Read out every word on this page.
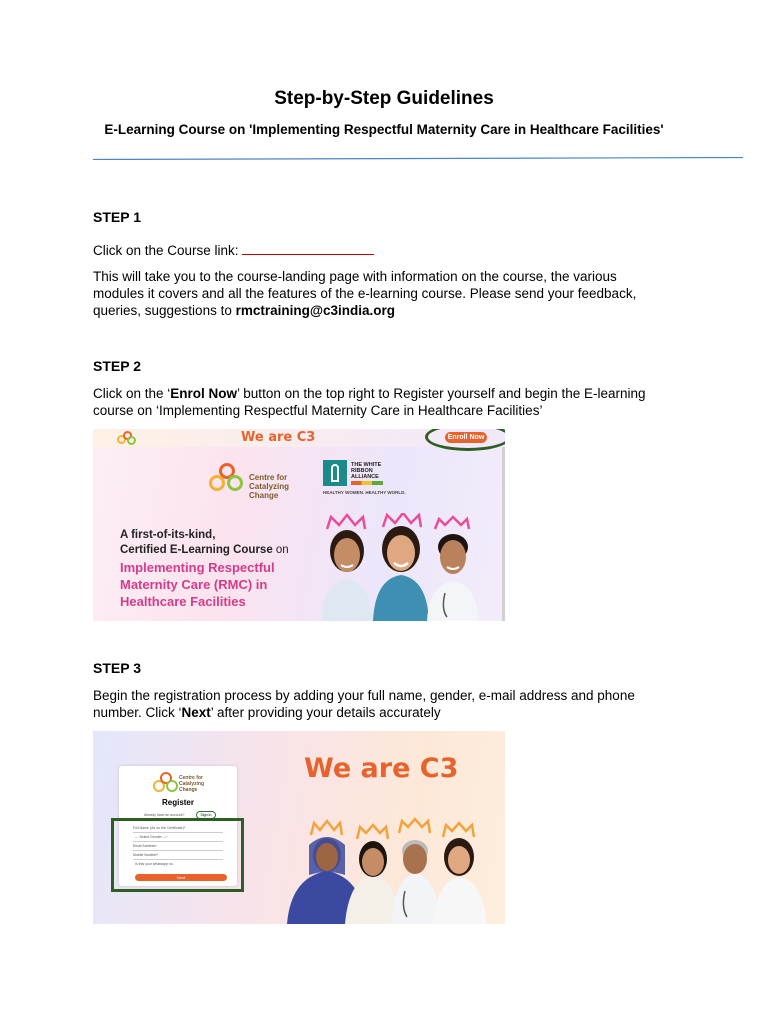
Step-by-Step Guidelines
E-Learning Course on 'Implementing Respectful Maternity Care in Healthcare Facilities'
STEP 1
Click on the Course link:
This will take you to the course-landing page with information on the course, the various modules it covers and all the features of the e-learning course. Please send your feedback, queries, suggestions to rmctraining@c3india.org
STEP 2
Click on the ‘Enrol Now’ button on the top right to Register yourself and begin the E-learning course on ‘Implementing Respectful Maternity Care in Healthcare Facilities’
We are C3	Enroll Now
Centre for Catalyzing Change
THE WHITE RIBBON ALLIANCE
HEALTHY WOMEN. HEALTHY WORLD.
A first-of-its-kind,
Certified E-Learning Course on
Implementing Respectful
Maternity Care (RMC) in
Healthcare Facilities
STEP 3
Begin the registration process by adding your full name, gender, e-mail address and phone number. Click ‘Next’ after providing your details accurately
Centre for Catalyzing Change
Register
Already have an account?	Sign In
Full Name (As on the Certificate)*
--- Select Gender ---*
Email Address*
Mobile Number*
Is this your whatsapp no.
Next
We are C3
